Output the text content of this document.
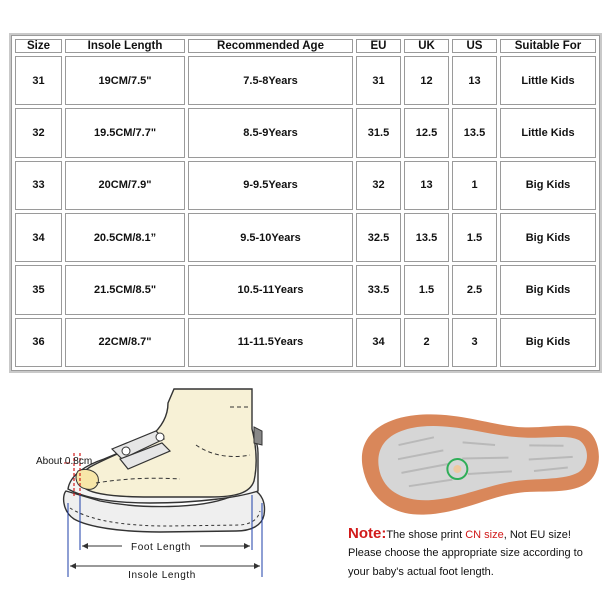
Size	Insole Length	Recommended Age	EU	UK	US	Suitable For
31	19CM/7.5"	7.5-8Years	31	12	13	Little Kids
32	19.5CM/7.7"	8.5-9Years	31.5	12.5	13.5	Little Kids
33	20CM/7.9"	9-9.5Years	32	13	1	Big Kids
34	20.5CM/8.1”	9.5-10Years	32.5	13.5	1.5	Big Kids
35	21.5CM/8.5"	10.5-11Years	33.5	1.5	2.5	Big Kids
36	22CM/8.7"	11-11.5Years	34	2	3	Big Kids
About 0.8cm
Foot Length
Insole Length
Note:The shose print CN size, Not EU size!
Please choose the appropriate size according to
your baby's actual foot length.
